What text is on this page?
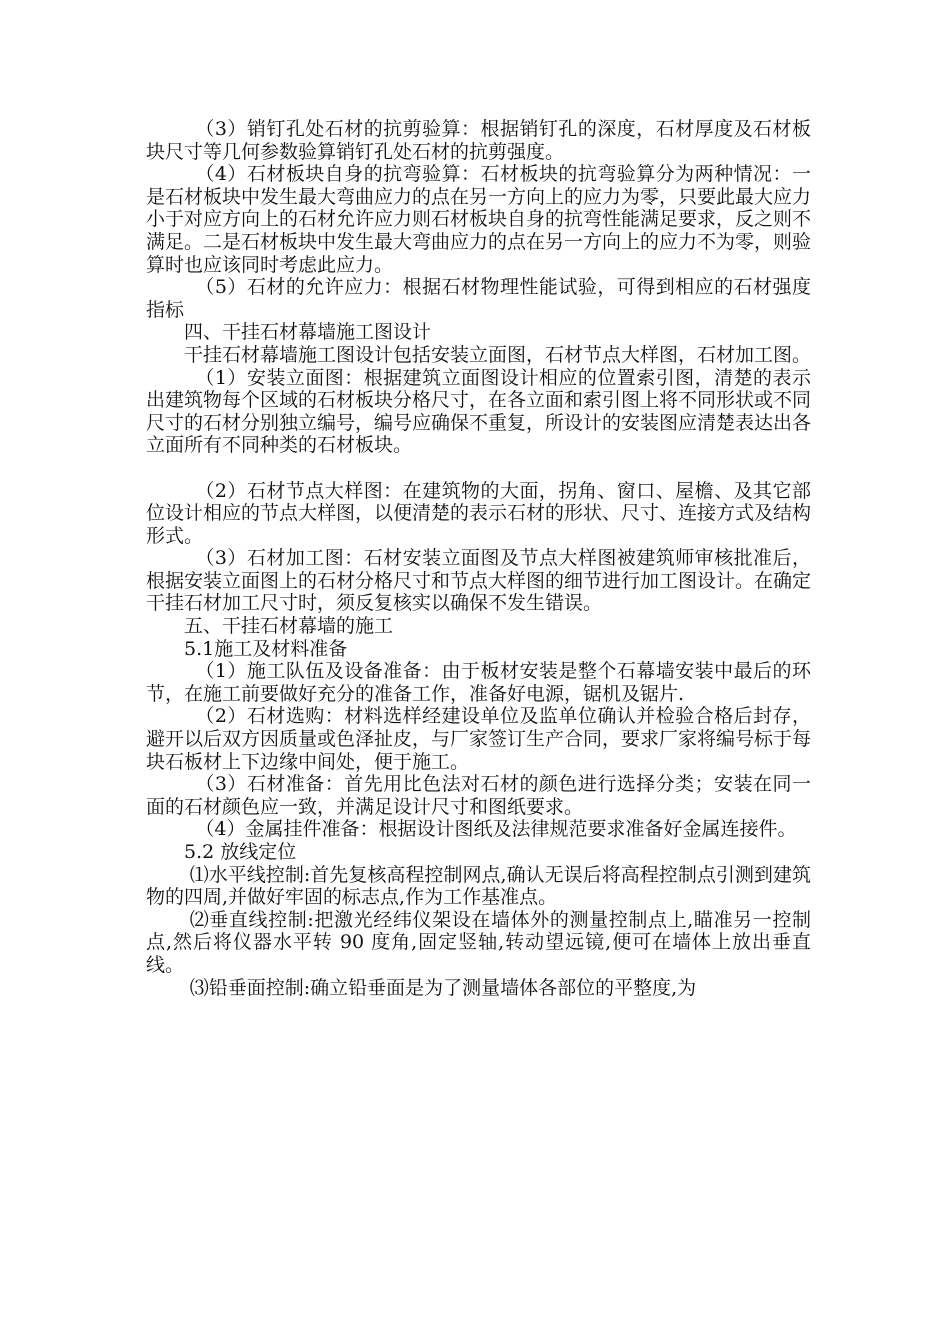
（3）销钉孔处石材的抗剪验算：根据销钉孔的深度，石材厚度及石材板块尺寸等几何参数验算销钉孔处石材的抗剪强度。

（4）石材板块自身的抗弯验算：石材板块的抗弯验算分为两种情况：一是石材板块中发生最大弯曲应力的点在另一方向上的应力为零，只要此最大应力小于对应方向上的石材允许应力则石材板块自身的抗弯性能满足要求，反之则不满足。二是石材板块中发生最大弯曲应力的点在另一方向上的应力不为零，则验算时也应该同时考虑此应力。

（5）石材的允许应力：根据石材物理性能试验，可得到相应的石材强度指标

四、干挂石材幕墙施工图设计

干挂石材幕墙施工图设计包括安装立面图，石材节点大样图，石材加工图。

（1）安装立面图：根据建筑立面图设计相应的位置索引图，清楚的表示出建筑物每个区域的石材板块分格尺寸，在各立面和索引图上将不同形状或不同尺寸的石材分别独立编号，编号应确保不重复，所设计的安装图应清楚表达出各立面所有不同种类的石材板块。

（2）石材节点大样图：在建筑物的大面，拐角、窗口、屋檐、及其它部位设计相应的节点大样图，以便清楚的表示石材的形状、尺寸、连接方式及结构形式。

（3）石材加工图：石材安装立面图及节点大样图被建筑师审核批准后，根据安装立面图上的石材分格尺寸和节点大样图的细节进行加工图设计。在确定干挂石材加工尺寸时，须反复核实以确保不发生错误。

五、干挂石材幕墙的施工

5.1施工及材料准备

（1）施工队伍及设备准备：由于板材安装是整个石幕墙安装中最后的环节，在施工前要做好充分的准备工作，准备好电源，锯机及锯片.

（2）石材选购：材料选样经建设单位及监单位确认并检验合格后封存，避开以后双方因质量或色泽扯皮，与厂家签订生产合同，要求厂家将编号标于每块石板材上下边缘中间处，便于施工。

（3）石材准备：首先用比色法对石材的颜色进行选择分类；安装在同一面的石材颜色应一致，并满足设计尺寸和图纸要求。

（4）金属挂件准备：根据设计图纸及法律规范要求准备好金属连接件。

5.2 放线定位

⑴水平线控制:首先复核高程控制网点,确认无误后将高程控制点引测到建筑物的四周,并做好牢固的标志点,作为工作基准点。

⑵垂直线控制:把激光经纬仪架设在墙体外的测量控制点上,瞄准另一控制点,然后将仪器水平转 90 度角,固定竖轴,转动望远镜,便可在墙体上放出垂直线。

⑶铅垂面控制:确立铅垂面是为了测量墙体各部位的平整度,为
